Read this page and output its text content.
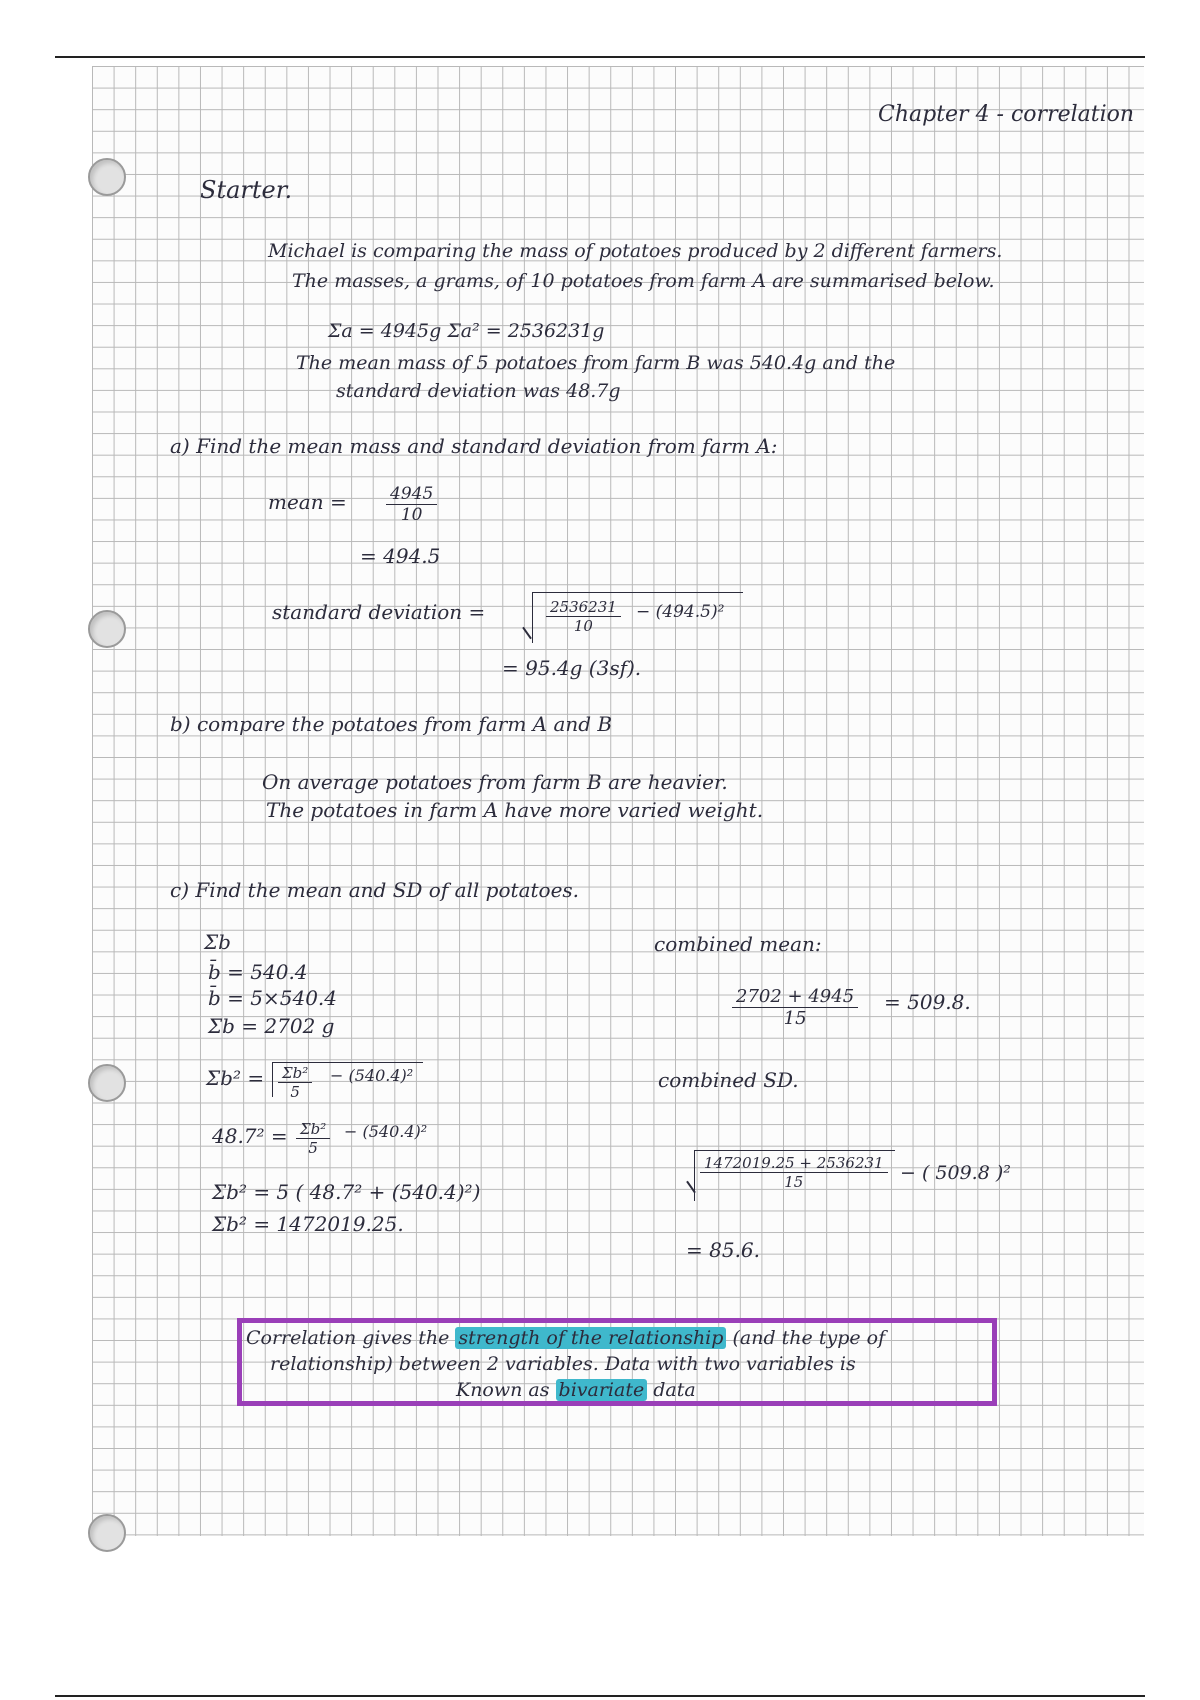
Chapter 4 - correlation
Starter.
Michael is comparing the mass of potatoes produced by 2 different farmers.
The masses, a grams, of 10 potatoes from farm A are summarised below.
Σa = 4945g Σa² = 2536231g
The mean mass of 5 potatoes from farm B was 540.4g and the
standard deviation was 48.7g
a) Find the mean mass and standard deviation from farm A:
mean = $\frac{4945}{10}$
= 494.5
standard deviation =	$\frac{2536231}{10} - (494.5)^2$
= 95.4g (3sf).
b) compare the potatoes from farm A and B
On average potatoes from farm B are heavier.
The potatoes in farm A have more varied weight.
c) Find the mean and SD of all potatoes.
Σb
b̄ = 540.4
b̄ = 5×540.4
Σb = 2702 g
$\Sigma b^2 = \frac{\text{Σb²}}{5} - (540.4)^2$
$48.7^2 = \frac{\text{Σb²}}{5} - (540.4)^2$
Σb² = 5 ( 48.7² + (540.4)²)
Σb² = 1472019.25.
combined mean:
$\frac{2702 + 4945}{15} = 509.8$.
combined SD.
$\frac{1472019.25 + 2536231}{15}$ − ( 509.8 )²
= 85.6.
Correlation gives the strength of the relationship (and the type of
relationship) between 2 variables. Data with two variables is
Known as bivariate data
